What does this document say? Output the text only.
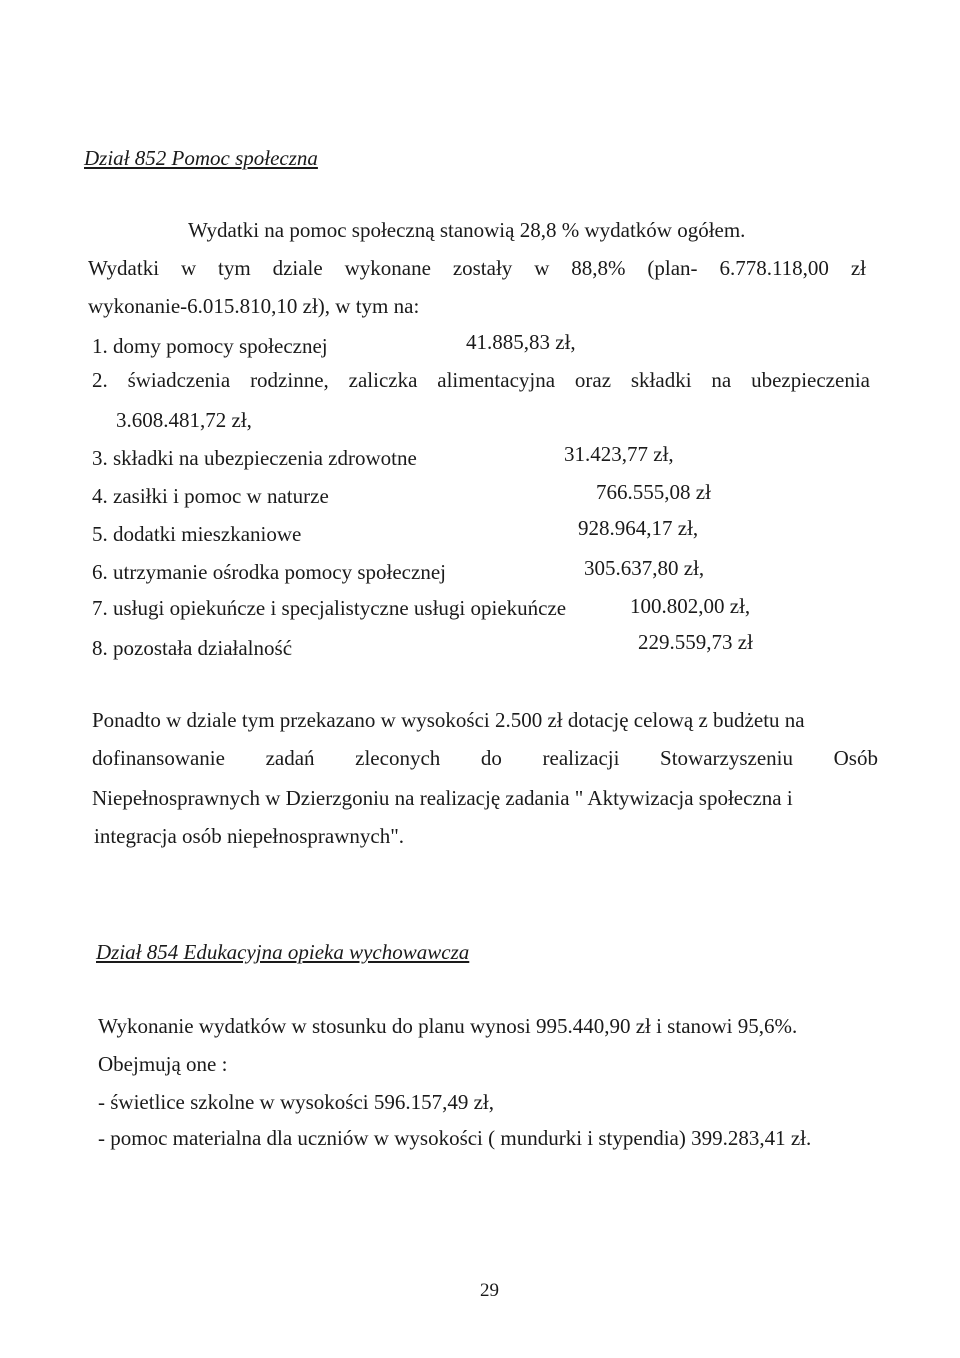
Dział 852 Pomoc społeczna
Wydatki na pomoc społeczną stanowią 28,8 % wydatków ogółem.
Wydatki w tym dziale wykonane zostały w 88,8% (plan- 6.778.118,00 zł
wykonanie-6.015.810,10 zł), w tym na:
1. domy pomocy społecznej	41.885,83 zł,
2. świadczenia rodzinne, zaliczka alimentacyjna oraz składki na ubezpieczenia
3.608.481,72 zł,
3. składki na ubezpieczenia zdrowotne	31.423,77 zł,
4. zasiłki i pomoc w naturze	766.555,08 zł
5. dodatki mieszkaniowe	928.964,17 zł,
6. utrzymanie ośrodka pomocy społecznej	305.637,80 zł,
7. usługi opiekuńcze i specjalistyczne usługi opiekuńcze	100.802,00 zł,
8. pozostała działalność	229.559,73 zł
Ponadto w dziale tym przekazano w wysokości 2.500 zł dotację celową z budżetu na
dofinansowanie zadań zleconych do realizacji Stowarzyszeniu Osób
Niepełnosprawnych w Dzierzgoniu na realizację zadania " Aktywizacja społeczna i
integracja osób niepełnosprawnych".
Dział 854 Edukacyjna opieka wychowawcza
Wykonanie wydatków w stosunku do planu wynosi 995.440,90 zł i stanowi 95,6%.
Obejmują one :
- świetlice szkolne w wysokości 596.157,49 zł,
- pomoc materialna dla uczniów w wysokości ( mundurki i stypendia) 399.283,41 zł.
29
